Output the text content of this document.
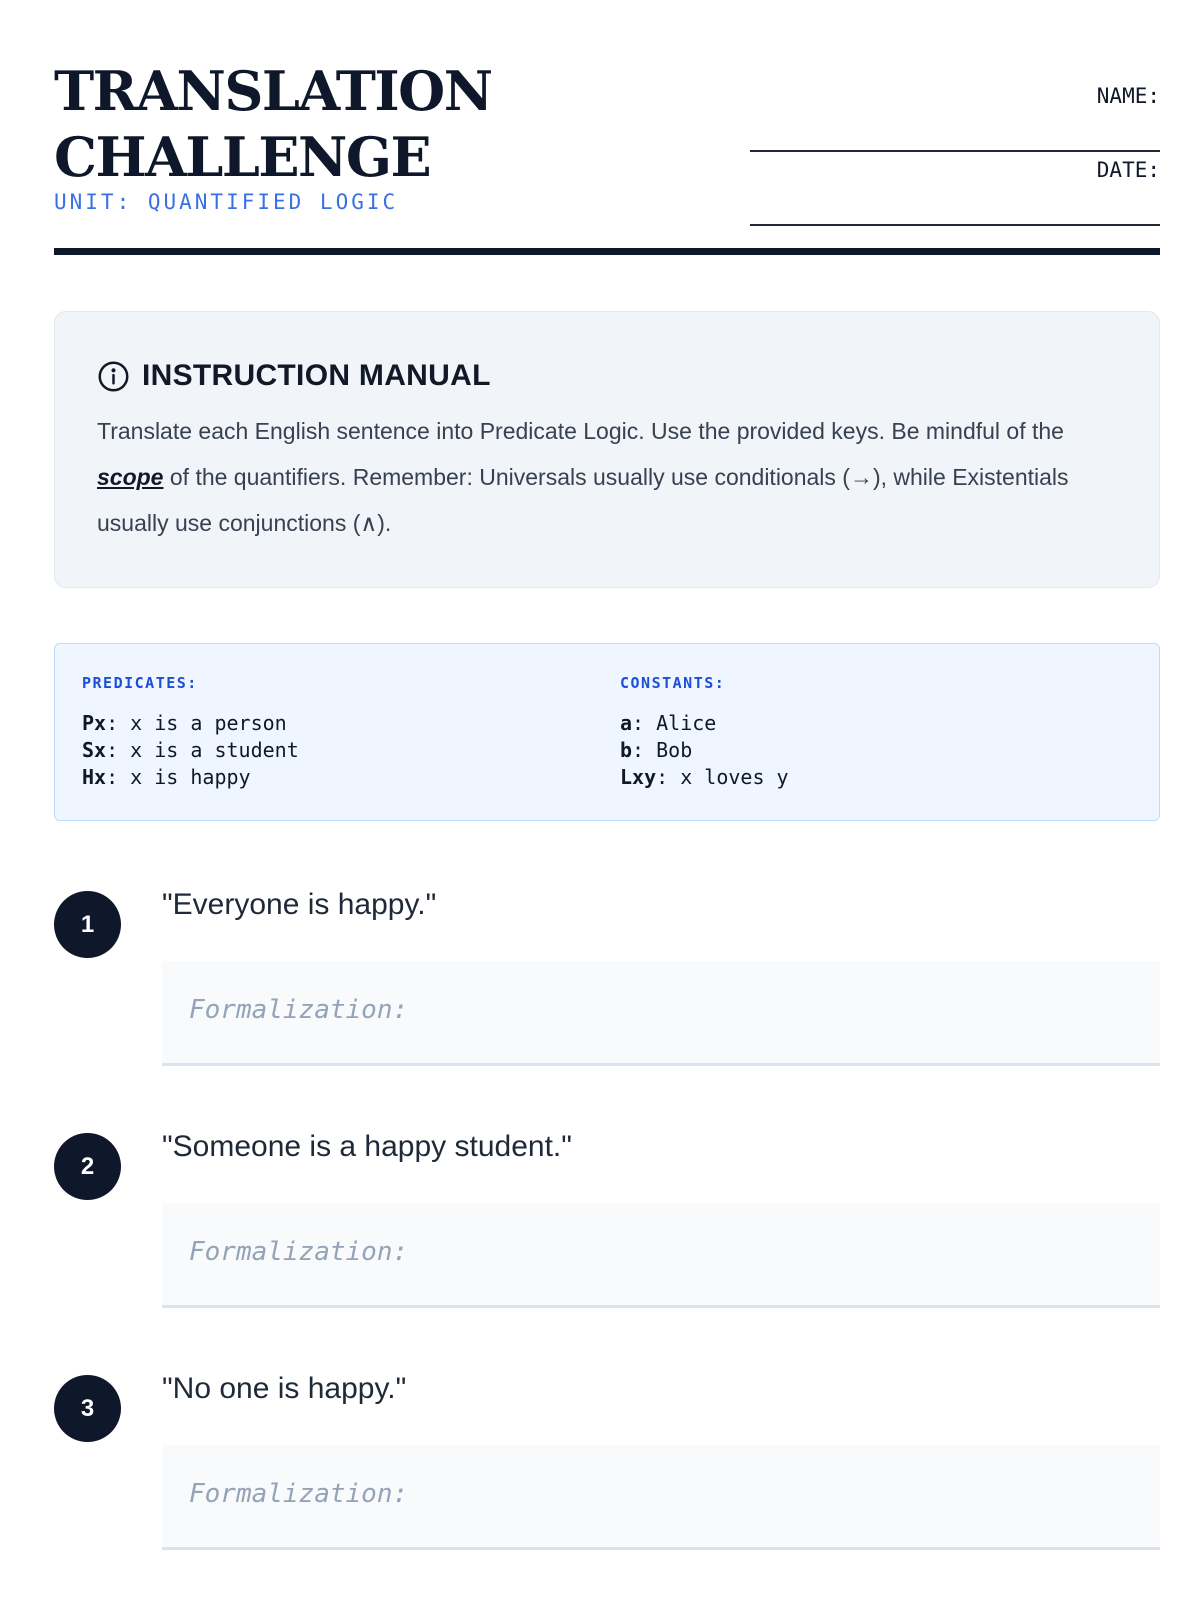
TRANSLATION
CHALLENGE
UNIT: QUANTIFIED LOGIC
NAME:
DATE:
INSTRUCTION MANUAL
Translate each English sentence into Predicate Logic. Use the provided keys. Be mindful of the scope of the quantifiers. Remember: Universals usually use conditionals (→), while Existentials usually use conjunctions (∧).
PREDICATES:
Px: x is a person
Sx: x is a student
Hx: x is happy
CONSTANTS:
a: Alice
b: Bob
Lxy: x loves y
1
"Everyone is happy."
Formalization:
2
"Someone is a happy student."
Formalization:
3
"No one is happy."
Formalization:
